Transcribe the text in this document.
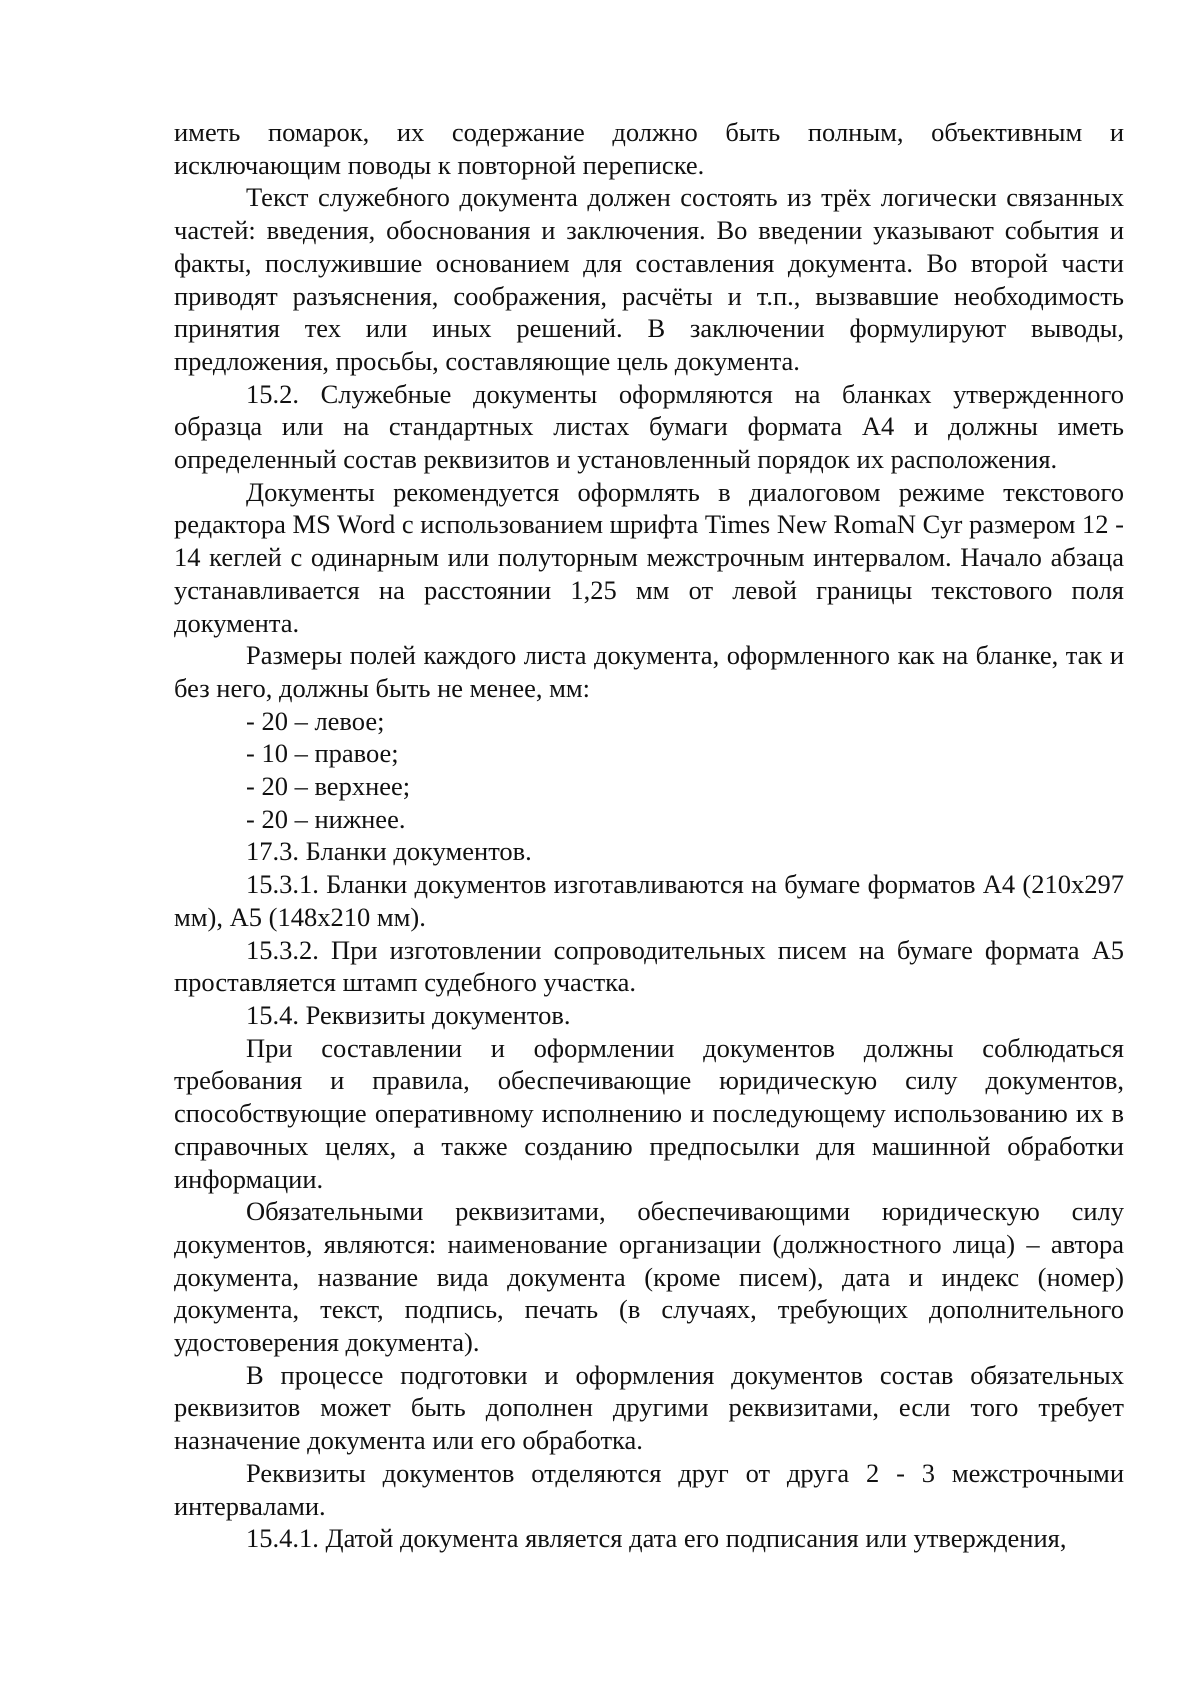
иметь помарок, их содержание должно быть полным, объективным и исключающим поводы к повторной переписке.

Текст служебного документа должен состоять из трёх логически связанных частей: введения, обоснования и заключения. Во введении указывают события и факты, послужившие основанием для составления документа. Во второй части приводят разъяснения, соображения, расчёты и т.п., вызвавшие необходимость принятия тех или иных решений. В заключении формулируют выводы, предложения, просьбы, составляющие цель документа.

15.2. Служебные документы оформляются на бланках утвержденного образца или на стандартных листах бумаги формата А4 и должны иметь определенный состав реквизитов и установленный порядок их расположения.

Документы рекомендуется оформлять в диалоговом режиме текстового редактора MS Word с использованием шрифта Times New RomaN Cyr размером 12 - 14 кеглей с одинарным или полуторным межстрочным интервалом. Начало абзаца устанавливается на расстоянии 1,25 мм от левой границы текстового поля документа.

Размеры полей каждого листа документа, оформленного как на бланке, так и без него, должны быть не менее, мм:

- 20 – левое;

- 10 – правое;

- 20 – верхнее;

- 20 – нижнее.

17.3. Бланки документов.

15.3.1. Бланки документов изготавливаются на бумаге форматов А4 (210х297 мм), А5 (148х210 мм).

15.3.2. При изготовлении сопроводительных писем на бумаге формата А5 проставляется штамп судебного участка.

15.4. Реквизиты документов.

При составлении и оформлении документов должны соблюдаться требования и правила, обеспечивающие юридическую силу документов, способствующие оперативному исполнению и последующему использованию их в справочных целях, а также созданию предпосылки для машинной обработки информации.

Обязательными реквизитами, обеспечивающими юридическую силу документов, являются: наименование организации (должностного лица) – автора документа, название вида документа (кроме писем), дата и индекс (номер) документа, текст, подпись, печать (в случаях, требующих дополнительного удостоверения документа).

В процессе подготовки и оформления документов состав обязательных реквизитов может быть дополнен другими реквизитами, если того требует назначение документа или его обработка.

Реквизиты документов отделяются друг от друга 2 - 3 межстрочными интервалами.

15.4.1. Датой документа является дата его подписания или утверждения,
